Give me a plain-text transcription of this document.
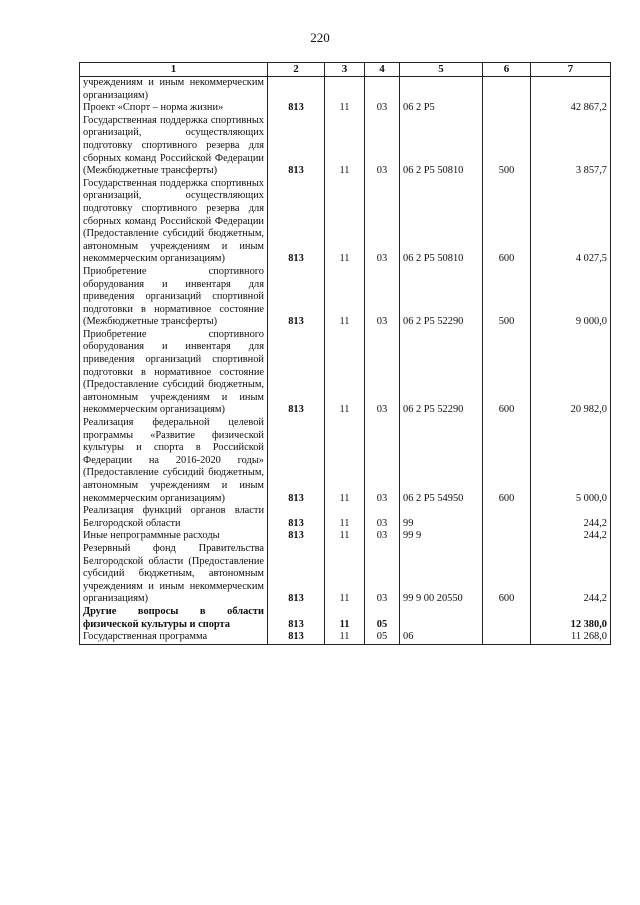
220
1	2	3	4	5	6	7
учреждениям и иным некоммерческим организациям)						
Проект «Спорт – норма жизни»	813	11	03	06 2 P5		42 867,2
Государственная поддержка спортивных организаций, осуществляющих подготовку спортивного резерва для сборных команд Российской Федерации (Межбюджетные трансферты)	813	11	03	06 2 P5 50810	500	3 857,7
Государственная поддержка спортивных организаций, осуществляющих подготовку спортивного резерва для сборных команд Российской Федерации (Предоставление субсидий бюджетным, автономным учреждениям и иным некоммерческим организациям)	813	11	03	06 2 P5 50810	600	4 027,5
Приобретение спортивного оборудования и инвентаря для приведения организаций спортивной подготовки в нормативное состояние (Межбюджетные трансферты)	813	11	03	06 2 P5 52290	500	9 000,0
Приобретение спортивного оборудования и инвентаря для приведения организаций спортивной подготовки в нормативное состояние (Предоставление субсидий бюджетным, автономным учреждениям и иным некоммерческим организациям)	813	11	03	06 2 P5 52290	600	20 982,0
Реализация федеральной целевой программы «Развитие физической культуры и спорта в Российской Федерации на 2016-2020 годы» (Предоставление субсидий бюджетным, автономным учреждениям и иным некоммерческим организациям)	813	11	03	06 2 P5 54950	600	5 000,0
Реализация функций органов власти Белгородской области	813	11	03	99		244,2
Иные непрограммные расходы	813	11	03	99 9		244,2
Резервный фонд Правительства Белгородской области (Предоставление субсидий бюджетным, автономным учреждениям и иным некоммерческим организациям)	813	11	03	99 9 00 20550	600	244,2
Другие вопросы в области физической культуры и спорта	813	11	05			12 380,0
Государственная программа	813	11	05	06		11 268,0
